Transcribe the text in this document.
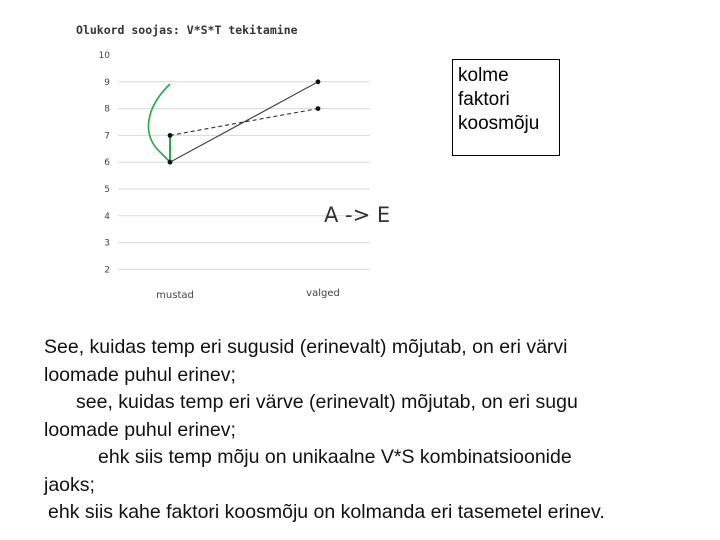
Olukord soojas: V*S*T tekitamine
2
3
4
5
6
7
8
9
10
mustad	valged
kolme
faktori
koosmõju
A -> E
See, kuidas temp eri sugusid (erinevalt) mõjutab, on eri värvi
loomade puhul erinev;
see, kuidas temp eri värve (erinevalt) mõjutab, on eri sugu
loomade puhul erinev;
ehk siis temp mõju on unikaalne V*S kombinatsioonide
jaoks;
ehk siis kahe faktori koosmõju on kolmanda eri tasemetel erinev.
